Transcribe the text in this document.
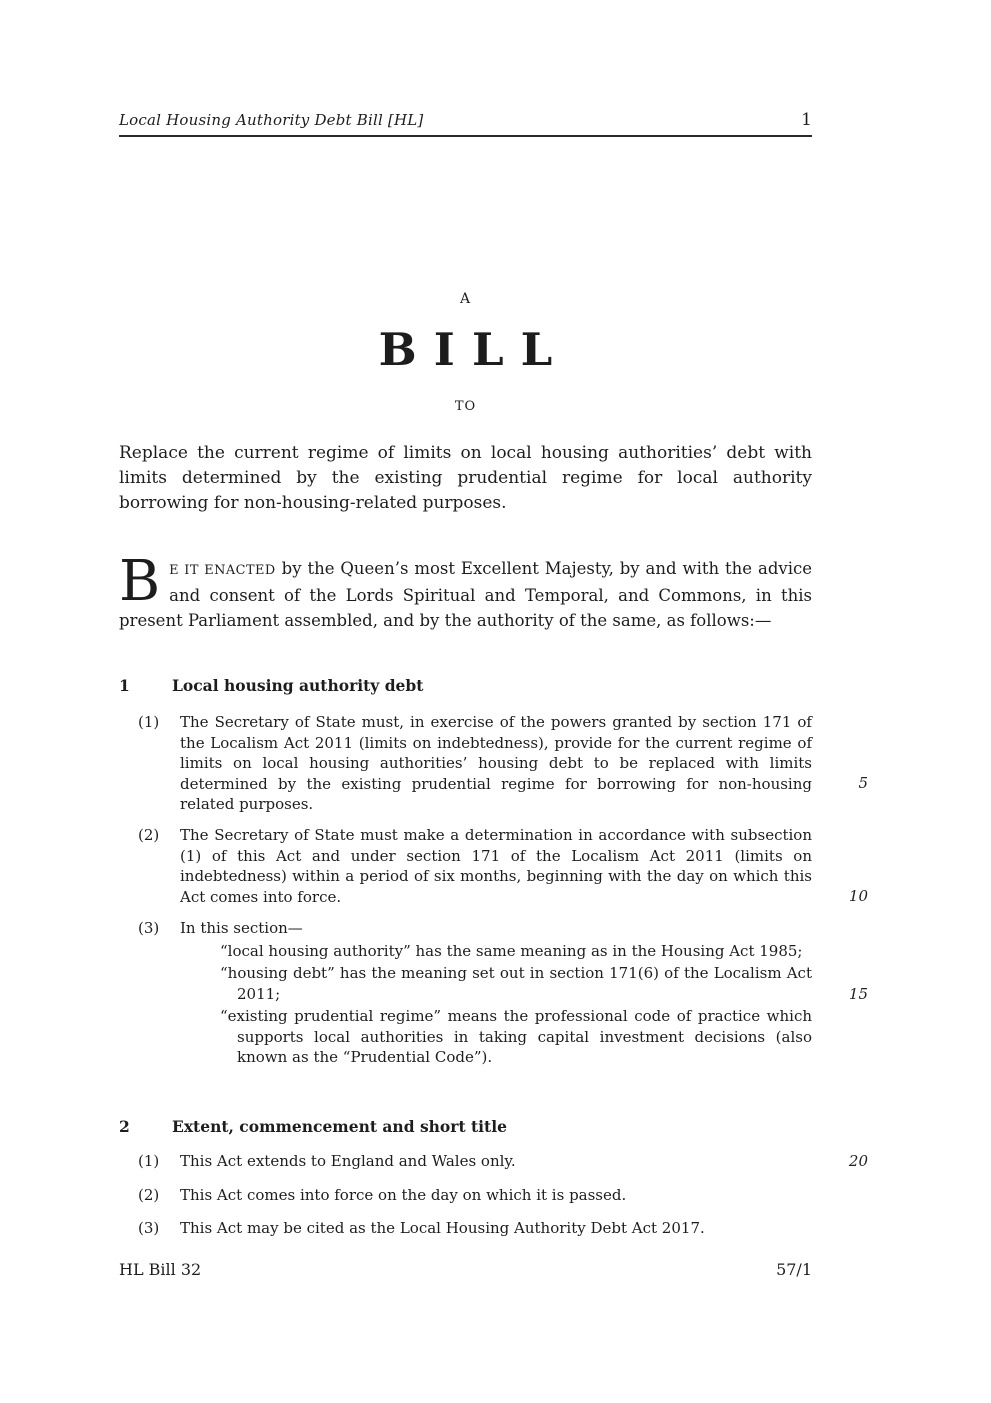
Local Housing Authority Debt Bill [HL]	1
A
BILL
TO

Replace the current regime of limits on local housing authorities’ debt with limits determined by the existing prudential regime for local authority borrowing for non-housing-related purposes.

B E IT ENACTED by the Queen’s most Excellent Majesty, by and with the advice and consent of the Lords Spiritual and Temporal, and Commons, in this present Parliament assembled, and by the authority of the same, as follows:—

1	Local housing authority debt
(1) The Secretary of State must, in exercise of the powers granted by section 171 of the Localism Act 2011 (limits on indebtedness), provide for the current regime of limits on local housing authorities’ housing debt to be replaced with limits determined by the existing prudential regime for borrowing for non-housing related purposes.
5
(2) The Secretary of State must make a determination in accordance with subsection (1) of this Act and under section 171 of the Localism Act 2011 (limits on indebtedness) within a period of six months, beginning with the day on which this Act comes into force.	10
(3) In this section—
“local housing authority” has the same meaning as in the Housing Act 1985;
“housing debt” has the meaning set out in section 171(6) of the Localism Act 2011;	15
“existing prudential regime” means the professional code of practice which supports local authorities in taking capital investment decisions (also known as the “Prudential Code”).
2	Extent, commencement and short title
(1) This Act extends to England and Wales only.	20
(2) This Act comes into force on the day on which it is passed.
(3) This Act may be cited as the Local Housing Authority Debt Act 2017.
HL Bill 32	57/1
